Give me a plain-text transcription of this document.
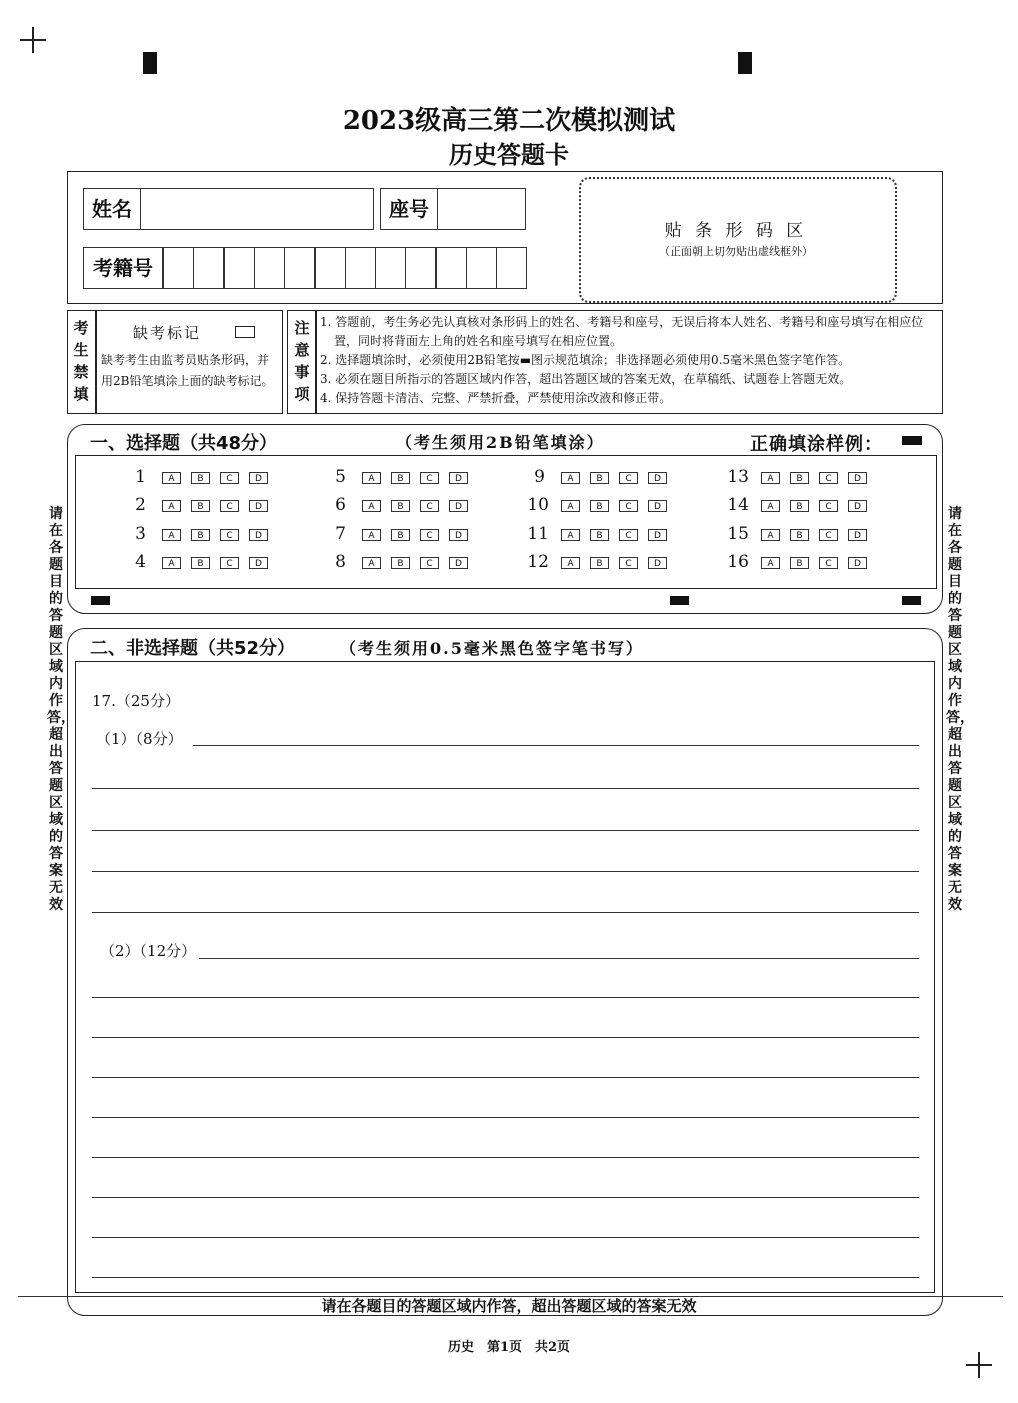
2023级高三第二次模拟测试
历史答题卡
姓名	座号
考籍号
贴 条 形 码 区
（正面朝上切勿贴出虚线框外）
考生禁填
缺考标记
缺考考生由监考员贴条形码，并用2B铅笔填涂上面的缺考标记。
注意事项
1. 答题前，考生务必先认真核对条形码上的姓名、考籍号和座号，无误后将本人姓名、考籍号和座号填写在相应位置，同时将背面左上角的姓名和座号填写在相应位置。
2. 选择题填涂时，必须使用2B铅笔按▬图示规范填涂；非选择题必须使用0.5毫米黑色签字笔作答。
3. 必须在题目所指示的答题区域内作答，超出答题区域的答案无效，在草稿纸、试题卷上答题无效。
4. 保持答题卡清洁、完整、严禁折叠，严禁使用涂改液和修正带。
一、选择题（共48分）	（考生须用2B铅笔填涂）	正确填涂样例：
1	A	B	C	D
2	A	B	C	D
3	A	B	C	D
4	A	B	C	D
5	A	B	C	D
6	A	B	C	D
7	A	B	C	D
8	A	B	C	D
9	A	B	C	D
10	A	B	C	D
11	A	B	C	D
12	A	B	C	D
13	A	B	C	D
14	A	B	C	D
15	A	B	C	D
16	A	B	C	D
二、非选择题（共52分）	（考生须用0.5毫米黑色签字笔书写）
17.（25分）
（1）（8分）
（2）（12分）
请在各题目的答题区域内作答，超出答题区域的答案无效
请在各题目的答题区域内作答，超出答题区域的答案无效
请在各题目的答题区域内作答，超出答题区域的答案无效
历史　第1页　共2页
